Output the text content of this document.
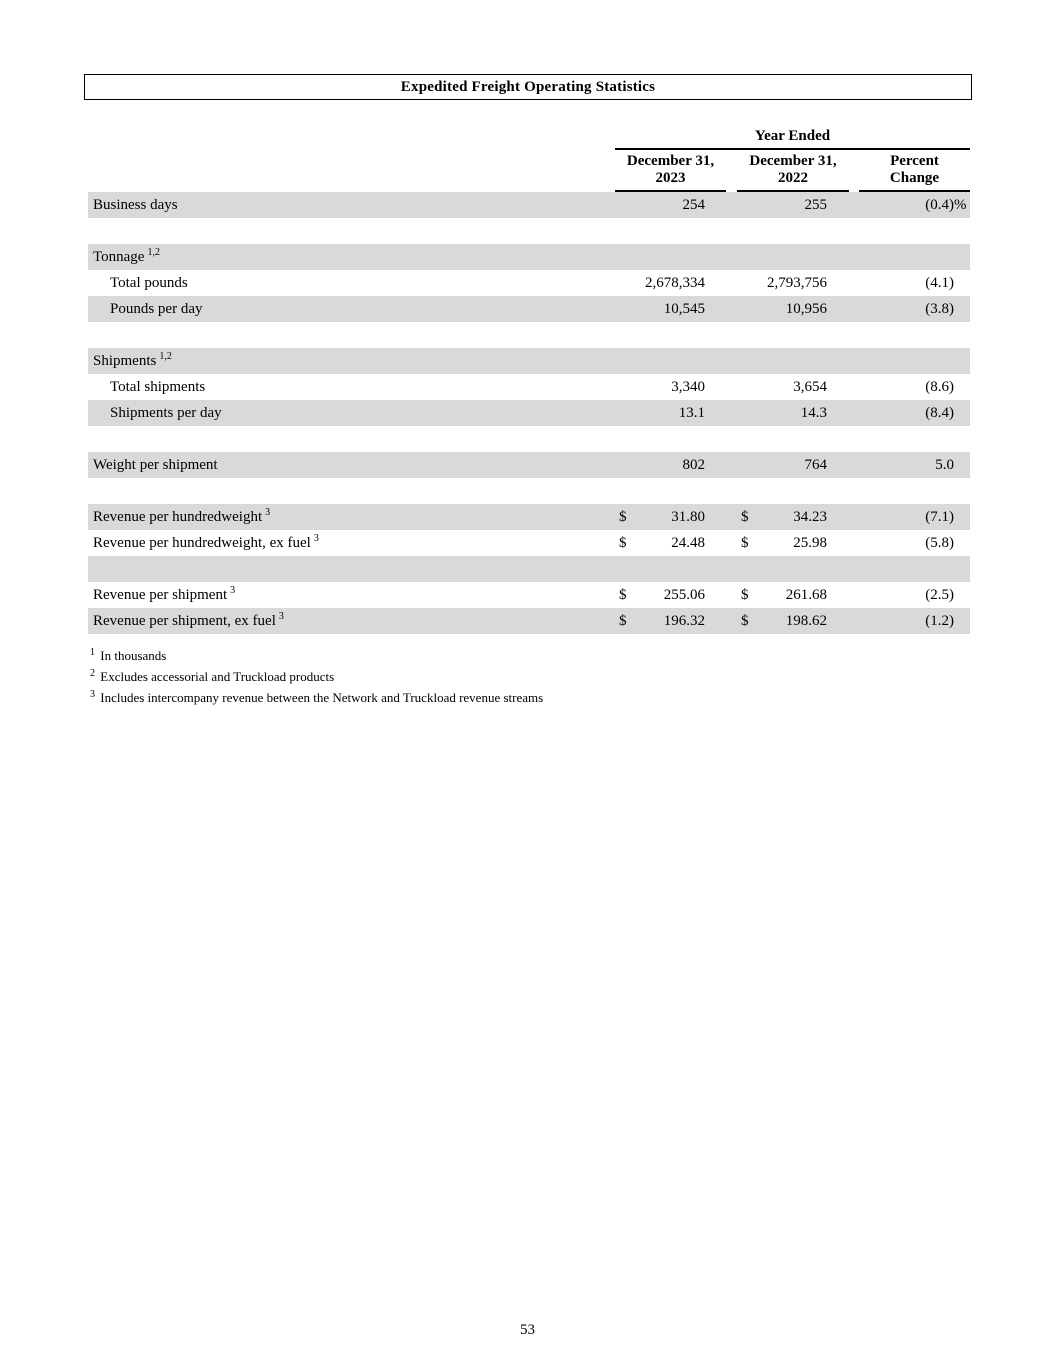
Expedited Freight Operating Statistics
Year Ended
December 31,
2023
December 31,
2022
Percent
Change
Business days	254	255	(0.4) %
Tonnage $^{1,2}$
Total pounds	2,678,334	2,793,756	(4.1)
Pounds per day	10,545	10,956	(3.8)
Shipments $^{1,2}$
Total shipments	3,340	3,654	(8.6)
Shipments per day	13.1	14.3	(8.4)
Weight per shipment	802	764	5.0
Revenue per hundredweight $^3$	$	31.80	$	34.23	(7.1)
Revenue per hundredweight, ex fuel $^3$	$	24.48	$	25.98	(5.8)
Revenue per shipment $^3$	$	255.06	$	261.68	(2.5)
Revenue per shipment, ex fuel $^3$	$	196.32	$	198.62	(1.2)
$^1$ In thousands
$^2$ Excludes accessorial and Truckload products
$^3$ Includes intercompany revenue between the Network and Truckload revenue streams
53
